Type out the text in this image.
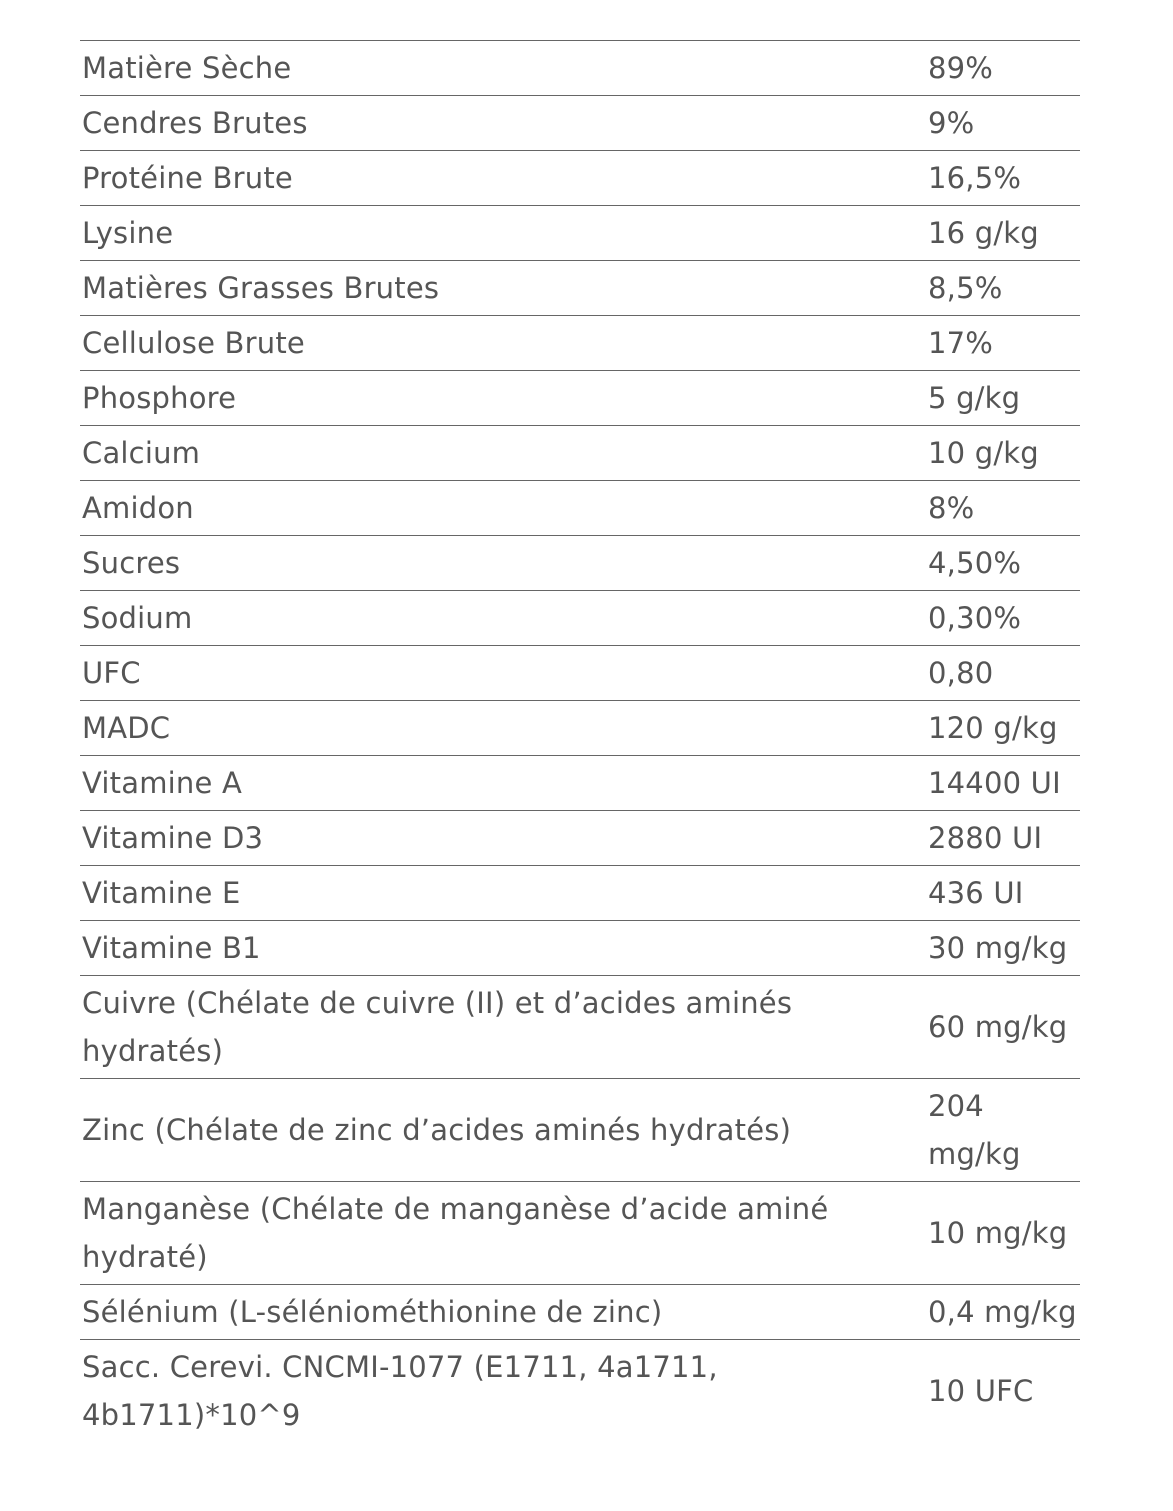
Matière Sèche	89%
Cendres Brutes	9%
Protéine Brute	16,5%
Lysine	16 g/kg
Matières Grasses Brutes	8,5%
Cellulose Brute	17%
Phosphore	5 g/kg
Calcium	10 g/kg
Amidon	8%
Sucres	4,50%
Sodium	0,30%
UFC	0,80
MADC	120 g/kg
Vitamine A	14400 UI
Vitamine D3	2880 UI
Vitamine E	436 UI
Vitamine B1	30 mg/kg
Cuivre (Chélate de cuivre (II) et d’acides aminés hydratés)	60 mg/kg
Zinc (Chélate de zinc d’acides aminés hydratés)	204 mg/kg
Manganèse (Chélate de manganèse d’acide aminé hydraté)	10 mg/kg
Sélénium (L-séléniométhionine de zinc)	0,4 mg/kg
Sacc. Cerevi. CNCMI-1077 (E1711, 4a1711, 4b1711)*10^9	10 UFC
